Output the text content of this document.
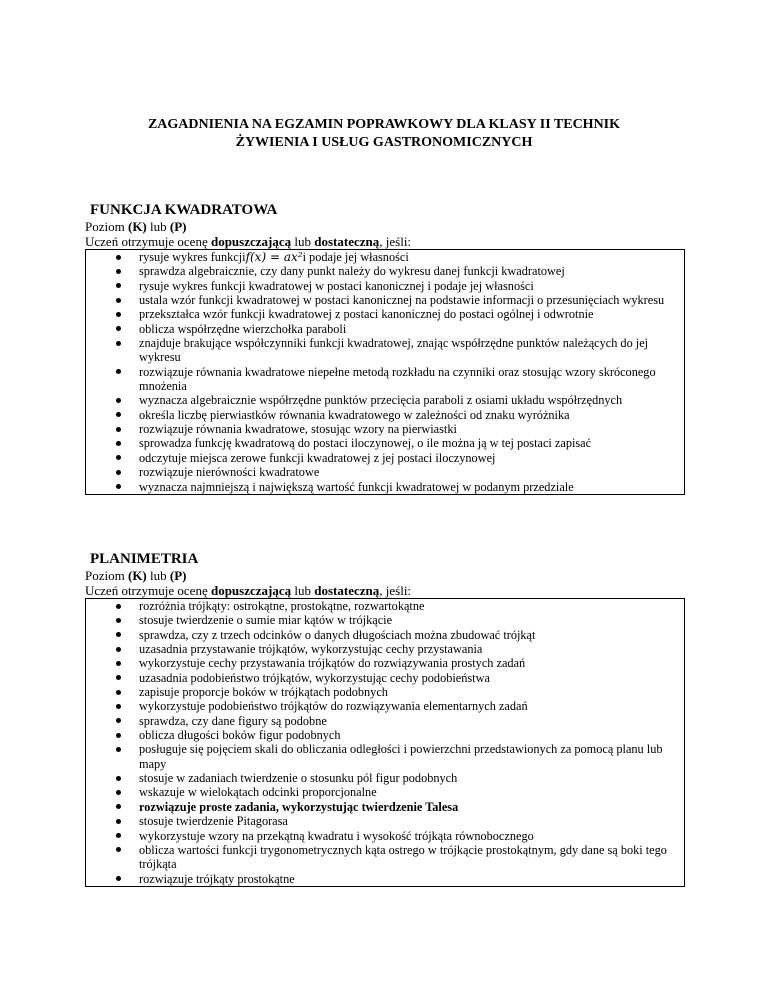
ZAGADNIENIA NA EGZAMIN POPRAWKOWY DLA KLASY II TECHNIK
ŻYWIENIA I USŁUG GASTRONOMICZNYCH
FUNKCJA KWADRATOWA
Poziom (K) lub (P)
Uczeń otrzymuje ocenę dopuszczającą lub dostateczną, jeśli:
rysuje wykres funkcji𝑓(𝑥) = 𝑎𝑥²i podaje jej własności
sprawdza algebraicznie, czy dany punkt należy do wykresu danej funkcji kwadratowej
rysuje wykres funkcji kwadratowej w postaci kanonicznej i podaje jej własności
ustala wzór funkcji kwadratowej w postaci kanonicznej na podstawie informacji o przesunięciach wykresu
przekształca wzór funkcji kwadratowej z postaci kanonicznej do postaci ogólnej i odwrotnie
oblicza współrzędne wierzchołka paraboli
znajduje brakujące współczynniki funkcji kwadratowej, znając współrzędne punktów należących do jej wykresu
rozwiązuje równania kwadratowe niepełne metodą rozkładu na czynniki oraz stosując wzory skróconego mnożenia
wyznacza algebraicznie współrzędne punktów przecięcia paraboli z osiami układu współrzędnych
określa liczbę pierwiastków równania kwadratowego w zależności od znaku wyróżnika
rozwiązuje równania kwadratowe, stosując wzory na pierwiastki
sprowadza funkcję kwadratową do postaci iloczynowej, o ile można ją w tej postaci zapisać
odczytuje miejsca zerowe funkcji kwadratowej z jej postaci iloczynowej
rozwiązuje nierówności kwadratowe
wyznacza najmniejszą i największą wartość funkcji kwadratowej w podanym przedziale
PLANIMETRIA
Poziom (K) lub (P)
Uczeń otrzymuje ocenę dopuszczającą lub dostateczną, jeśli:
rozróżnia trójkąty: ostrokątne, prostokątne, rozwartokątne
stosuje twierdzenie o sumie miar kątów w trójkącie
sprawdza, czy z trzech odcinków o danych długościach można zbudować trójkąt
uzasadnia przystawanie trójkątów, wykorzystując cechy przystawania
wykorzystuje cechy przystawania trójkątów do rozwiązywania prostych zadań
uzasadnia podobieństwo trójkątów, wykorzystując cechy podobieństwa
zapisuje proporcje boków w trójkątach podobnych
wykorzystuje podobieństwo trójkątów do rozwiązywania elementarnych zadań
sprawdza, czy dane figury są podobne
oblicza długości boków figur podobnych
posługuje się pojęciem skali do obliczania odległości i powierzchni przedstawionych za pomocą planu lub mapy
stosuje w zadaniach twierdzenie o stosunku pól figur podobnych
wskazuje w wielokątach odcinki proporcjonalne
rozwiązuje proste zadania, wykorzystując twierdzenie Talesa
stosuje twierdzenie Pitagorasa
wykorzystuje wzory na przekątną kwadratu i wysokość trójkąta równobocznego
oblicza wartości funkcji trygonometrycznych kąta ostrego w trójkącie prostokątnym, gdy dane są boki tego trójkąta
rozwiązuje trójkąty prostokątne
